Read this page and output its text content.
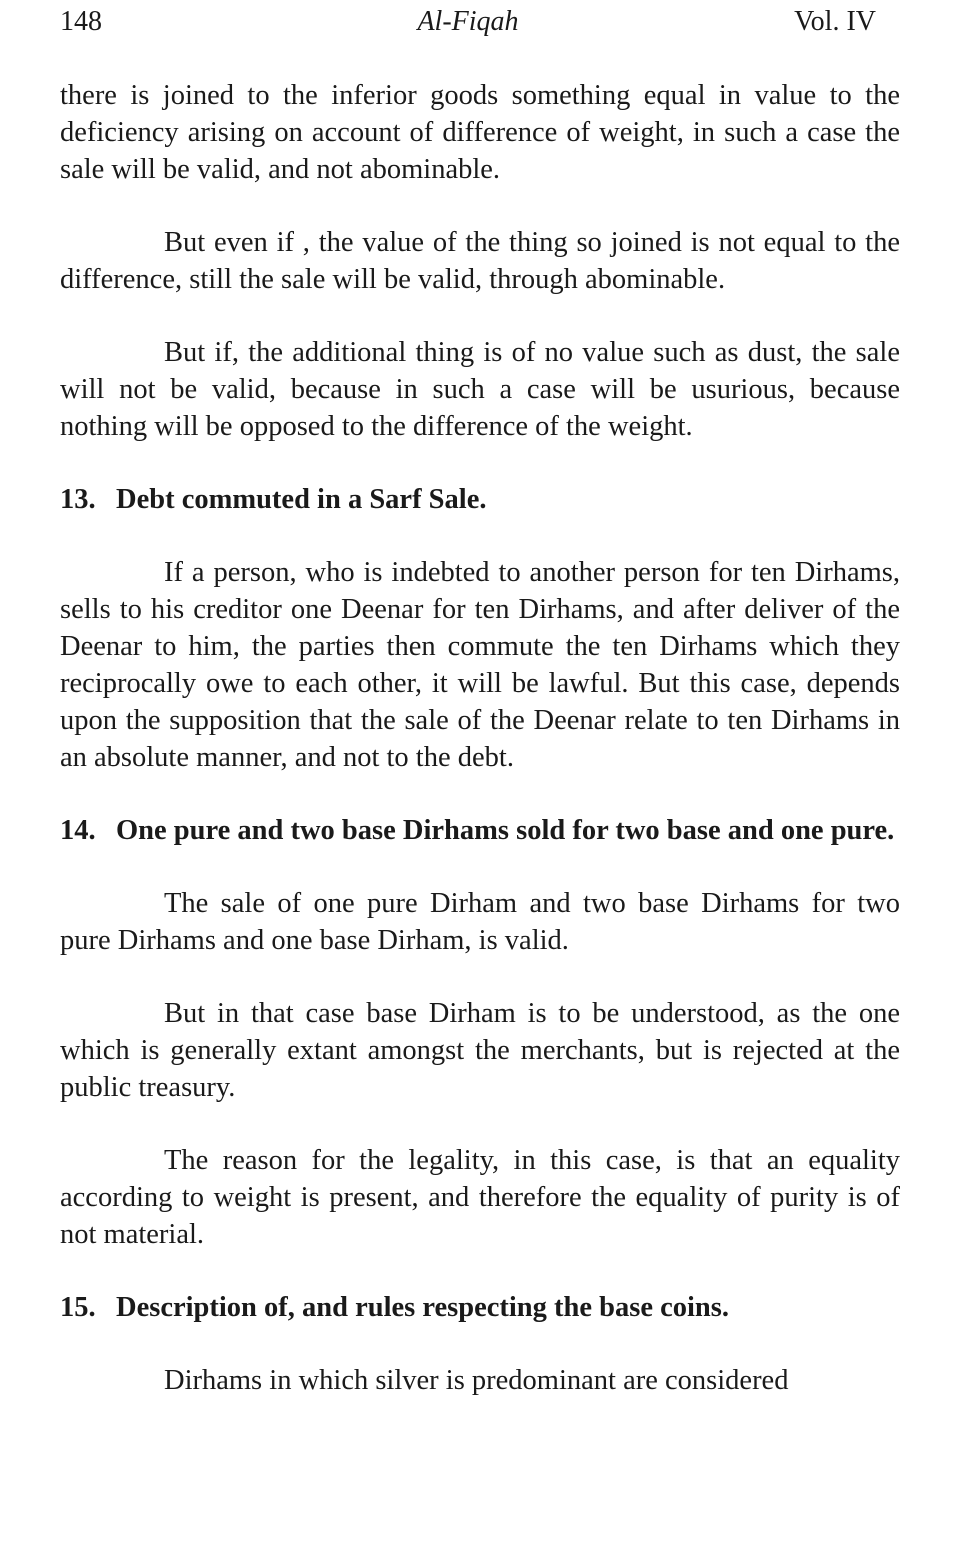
148	Al-Fiqah	Vol. IV

there is joined to the inferior goods something equal in value to the deficiency arising on account of difference of weight, in such a case the sale will be valid, and not abominable.

But even if , the value of the thing so joined is not equal to the difference, still the sale will be valid, through abominable.

But if, the additional thing is of no value such as dust, the sale will not be valid, because in such a case will be usurious, because nothing will be opposed to the difference of the weight.

13. Debt commuted in a Sarf Sale.

If a person, who is indebted to another person for ten Dirhams, sells to his creditor one Deenar for ten Dirhams, and after deliver of the Deenar to him, the parties then commute the ten Dirhams which they reciprocally owe to each other, it will be lawful. But this case, depends upon the supposition that the sale of the Deenar relate to ten Dirhams in an absolute manner, and not to the debt.

14. One pure and two base Dirhams sold for two base and one pure.

The sale of one pure Dirham and two base Dirhams for two pure Dirhams and one base Dirham, is valid.

But in that case base Dirham is to be understood, as the one which is generally extant amongst the merchants, but is rejected at the public treasury.

The reason for the legality, in this case, is that an equality according to weight is present, and therefore the equality of purity is of not material.

15. Description of, and rules respecting the base coins.

Dirhams in which silver is predominant are considered
